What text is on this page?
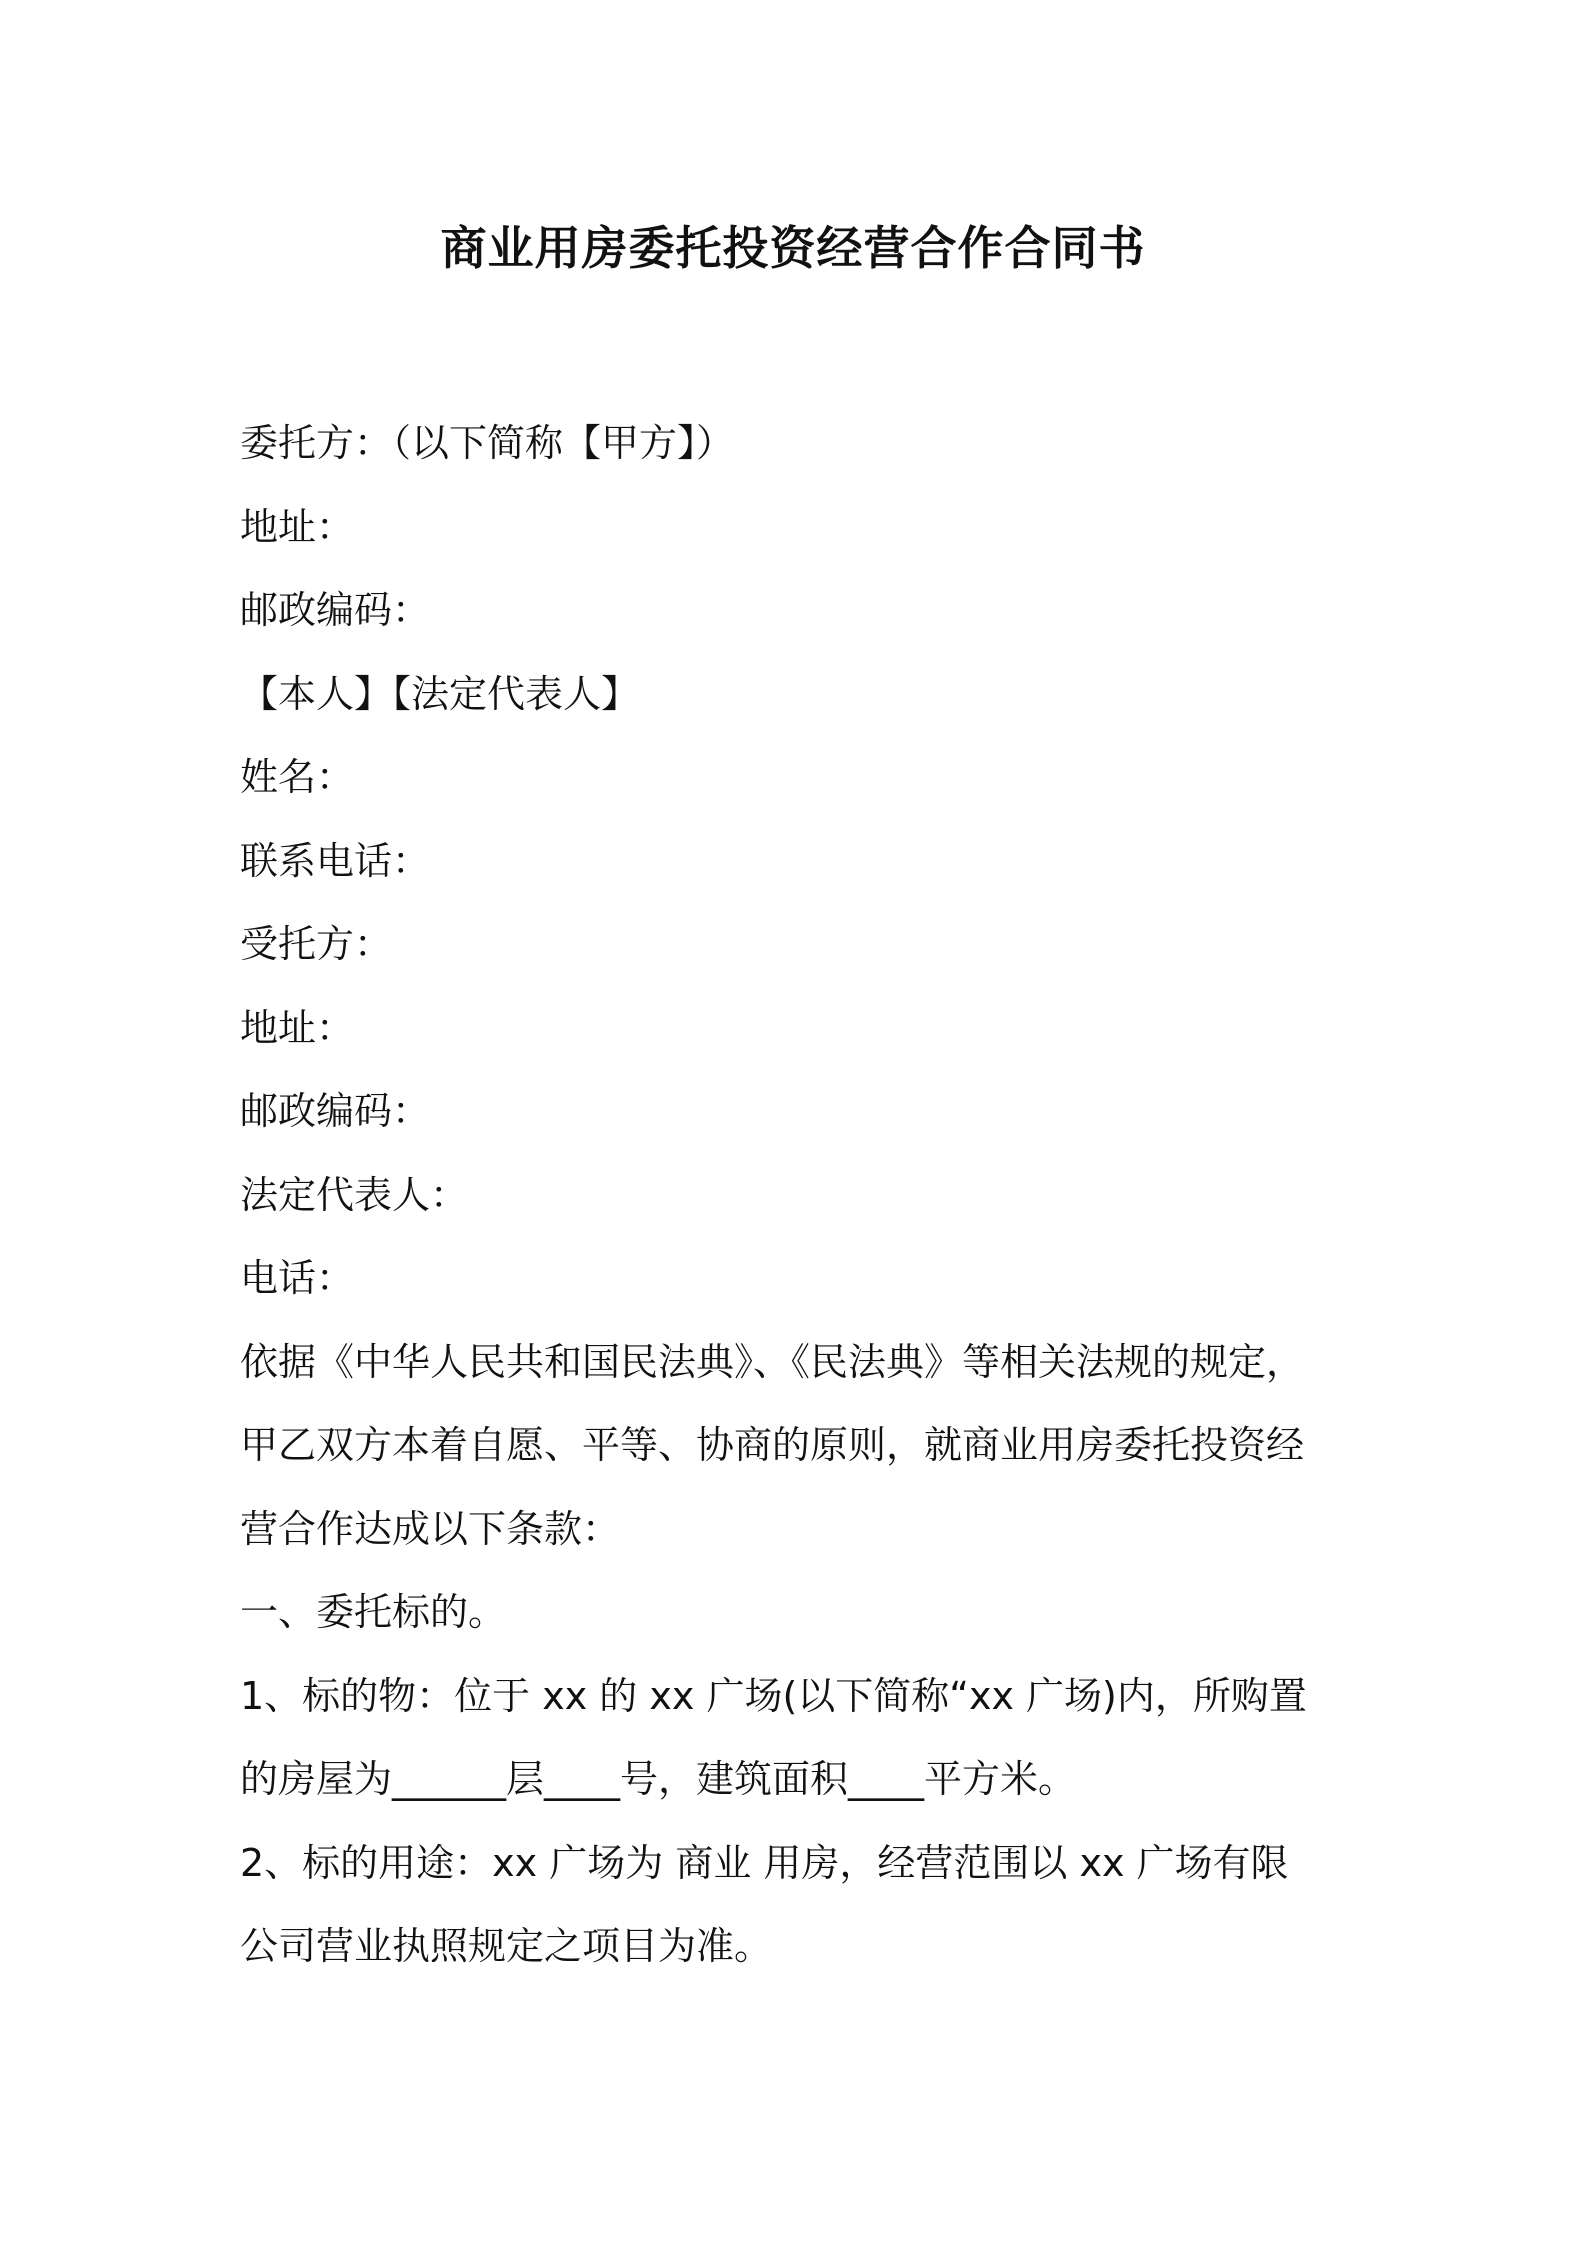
商业用房委托投资经营合作合同书

委托方：（以下简称【甲方】）

地址：

邮政编码：

【本人】【法定代表人】

姓名：

联系电话：

受托方：

地址：

邮政编码：

法定代表人：

电话：

依据《中华人民共和国民法典》、《民法典》等相关法规的规定，

甲乙双方本着自愿、平等、协商的原则，就商业用房委托投资经

营合作达成以下条款：

一、委托标的。

1、标的物：位于 xx 的 xx 广场(以下简称“xx 广场)内，所购置

的房屋为______层____号，建筑面积____平方米。

2、标的用途：xx 广场为 商业 用房，经营范围以 xx 广场有限

公司营业执照规定之项目为准。
